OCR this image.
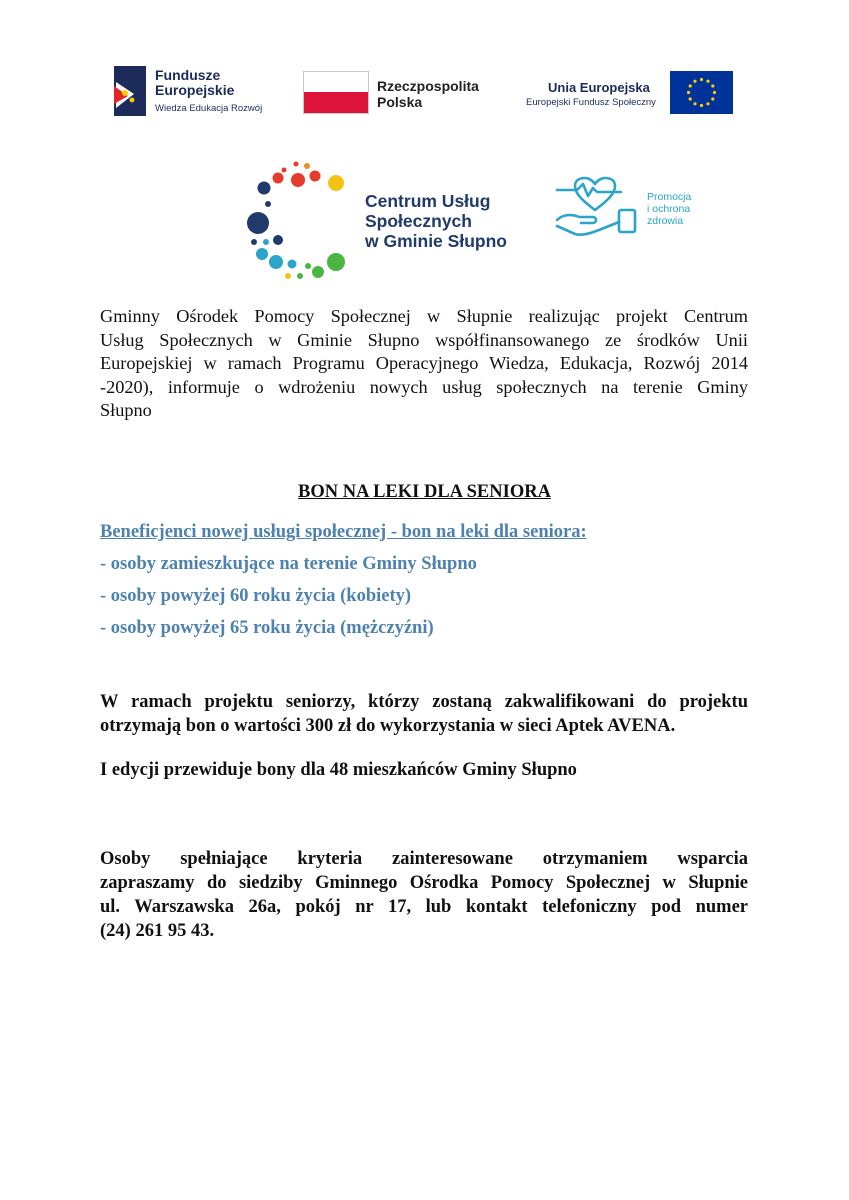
Fundusze
Europejskie
Wiedza Edukacja Rozwój
Rzeczpospolita
Polska
Unia Europejska
Europejski Fundusz Społeczny
Centrum Usług
Społecznych
w Gminie Słupno
Promocja
i ochrona
zdrowia
Gminny Ośrodek Pomocy Społecznej w Słupnie realizując projekt Centrum
Usług Społecznych w Gminie Słupno współfinansowanego ze środków Unii
Europejskiej w ramach Programu Operacyjnego Wiedza, Edukacja, Rozwój 2014
-2020), informuje o wdrożeniu nowych usług społecznych na terenie Gminy
Słupno
BON NA LEKI DLA SENIORA
Beneficjenci nowej usługi społecznej - bon na leki dla seniora:
- osoby zamieszkujące na terenie Gminy Słupno
- osoby powyżej 60 roku życia (kobiety)
- osoby powyżej 65 roku życia (mężczyźni)
W ramach projektu seniorzy, którzy zostaną zakwalifikowani do projektu
otrzymają bon o wartości 300 zł do wykorzystania w sieci Aptek AVENA.
I edycji przewiduje bony dla 48 mieszkańców Gminy Słupno
Osoby spełniające kryteria zainteresowane otrzymaniem wsparcia
zapraszamy do siedziby Gminnego Ośrodka Pomocy Społecznej w Słupnie
ul. Warszawska 26a, pokój nr 17, lub kontakt telefoniczny pod numer
(24) 261 95 43.
